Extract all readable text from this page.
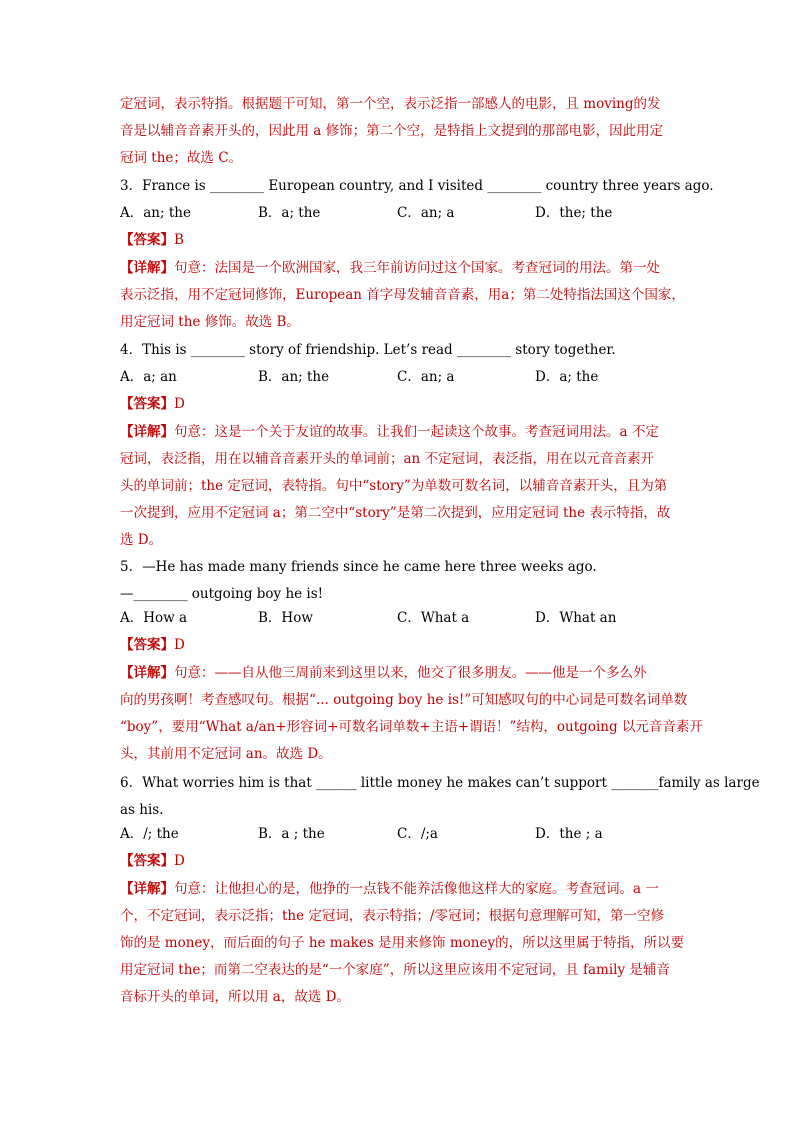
定冠词，表示特指。根据题干可知，第一个空，表示泛指一部感人的电影，且 moving的发
音是以辅音音素开头的，因此用 a 修饰；第二个空，是特指上文提到的那部电影，因此用定
冠词 the；故选 C。
3．France is ________ European country, and I visited ________ country three years ago.
A．an; the	B．a; the	C．an; a	D．the; the
【答案】B
【详解】句意：法国是一个欧洲国家，我三年前访问过这个国家。考查冠词的用法。第一处
表示泛指，用不定冠词修饰，European 首字母发辅音音素，用a；第二处特指法国这个国家，
用定冠词 the 修饰。故选 B。
4．This is ________ story of friendship. Let’s read ________ story together.
A．a; an	B．an; the	C．an; a	D．a; the
【答案】D
【详解】句意：这是一个关于友谊的故事。让我们一起读这个故事。考查冠词用法。a 不定
冠词，表泛指，用在以辅音音素开头的单词前；an 不定冠词，表泛指，用在以元音音素开
头的单词前；the 定冠词，表特指。句中“story”为单数可数名词，以辅音音素开头，且为第
一次提到，应用不定冠词 a；第二空中“story”是第二次提到，应用定冠词 the 表示特指，故
选 D。
5．—He has made many friends since he came here three weeks ago.
—________ outgoing boy he is!
A．How a	B．How	C．What a	D．What an
【答案】D
【详解】句意：——自从他三周前来到这里以来，他交了很多朋友。——他是一个多么外
向的男孩啊！考查感叹句。根据“... outgoing boy he is!”可知感叹句的中心词是可数名词单数
“boy”，要用“What a/an+形容词+可数名词单数+主语+谓语！”结构，outgoing 以元音音素开
头，其前用不定冠词 an。故选 D。
6．What worries him is that ______ little money he makes can’t support _______family as large
as his.
A．/; the	B．a ; the	C．/;a	D．the ; a
【答案】D
【详解】句意：让他担心的是，他挣的一点钱不能养活像他这样大的家庭。考查冠词。a 一
个，不定冠词，表示泛指；the 定冠词，表示特指；/零冠词；根据句意理解可知，第一空修
饰的是 money，而后面的句子 he makes 是用来修饰 money的，所以这里属于特指，所以要
用定冠词 the；而第二空表达的是“一个家庭”，所以这里应该用不定冠词，且 family 是辅音
音标开头的单词，所以用 a，故选 D。
